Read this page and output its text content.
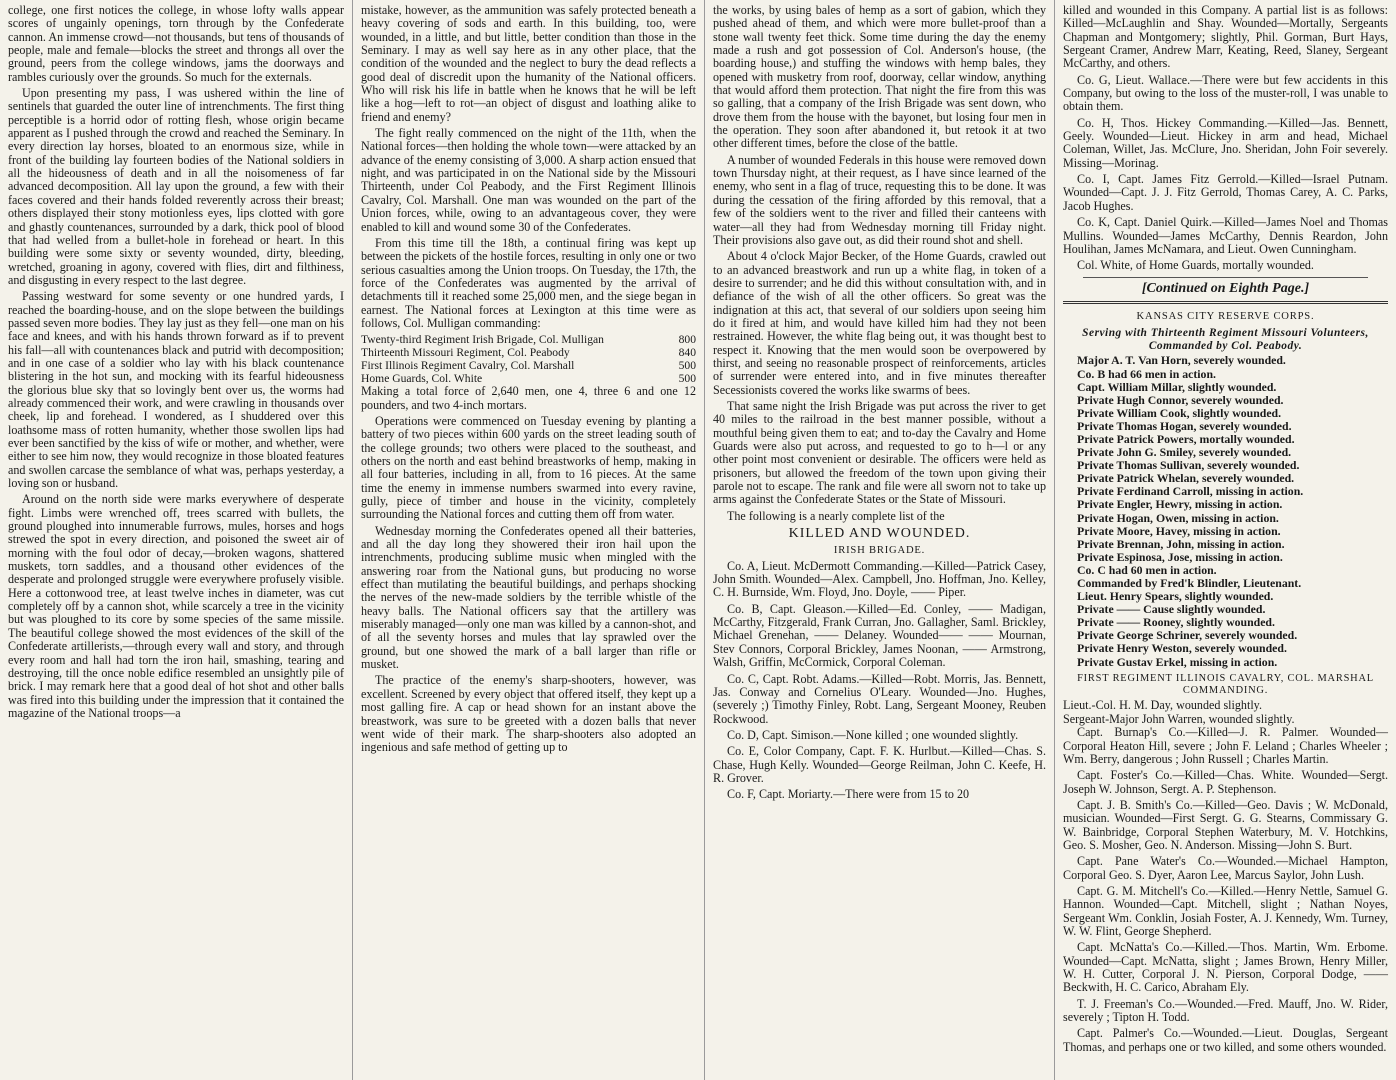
college, one first notices the college, in whose lofty walls appear scores of ungainly openings, torn through by the Confederate cannon. An immense crowd—not thousands, but tens of thousands of people, male and female—blocks the street and throngs all over the ground, peers from the college windows, jams the doorways and rambles curiously over the grounds. So much for the externals.

Upon presenting my pass, I was ushered within the line of sentinels that guarded the outer line of intrenchments. The first thing perceptible is a horrid odor of rotting flesh, whose origin became apparent as I pushed through the crowd and reached the Seminary. In every direction lay horses, bloated to an enormous size, while in front of the building lay fourteen bodies of the National soldiers in all the hideousness of death and in all the noisomeness of far advanced decomposition. All lay upon the ground, a few with their faces covered and their hands folded reverently across their breast; others displayed their stony motionless eyes, lips clotted with gore and ghastly countenances, surrounded by a dark, thick pool of blood that had welled from a bullet-hole in forehead or heart. In this building were some sixty or seventy wounded, dirty, bleeding, wretched, groaning in agony, covered with flies, dirt and filthiness, and disgusting in every respect to the last degree.

Passing westward for some seventy or one hundred yards, I reached the boarding-house, and on the slope between the buildings passed seven more bodies. They lay just as they fell—one man on his face and knees, and with his hands thrown forward as if to prevent his fall—all with countenances black and putrid with decomposition; and in one case of a soldier who lay with his black countenance blistering in the hot sun, and mocking with its fearful hideousness the glorious blue sky that so lovingly bent over us, the worms had already commenced their work, and were crawling in thousands over cheek, lip and forehead. I wondered, as I shuddered over this loathsome mass of rotten humanity, whether those swollen lips had ever been sanctified by the kiss of wife or mother, and whether, were either to see him now, they would recognize in those bloated features and swollen carcase the semblance of what was, perhaps yesterday, a loving son or husband.

Around on the north side were marks everywhere of desperate fight. Limbs were wrenched off, trees scarred with bullets, the ground ploughed into innumerable furrows, mules, horses and hogs strewed the spot in every direction, and poisoned the sweet air of morning with the foul odor of decay,—broken wagons, shattered muskets, torn saddles, and a thousand other evidences of the desperate and prolonged struggle were everywhere profusely visible. Here a cottonwood tree, at least twelve inches in diameter, was cut completely off by a cannon shot, while scarcely a tree in the vicinity but was ploughed to its core by some species of the same missile. The beautiful college showed the most evidences of the skill of the Confederate artillerists,—through every wall and story, and through every room and hall had torn the iron hail, smashing, tearing and destroying, till the once noble edifice resembled an unsightly pile of brick. I may remark here that a good deal of hot shot and other balls was fired into this building under the impression that it contained the magazine of the National troops—a

mistake, however, as the ammunition was safely protected beneath a heavy covering of sods and earth. In this building, too, were wounded, in a little, and but little, better condition than those in the Seminary. I may as well say here as in any other place, that the condition of the wounded and the neglect to bury the dead reflects a good deal of discredit upon the humanity of the National officers. Who will risk his life in battle when he knows that he will be left like a hog—left to rot—an object of disgust and loathing alike to friend and enemy?

The fight really commenced on the night of the 11th, when the National forces—then holding the whole town—were attacked by an advance of the enemy consisting of 3,000. A sharp action ensued that night, and was participated in on the National side by the Missouri Thirteenth, under Col Peabody, and the First Regiment Illinois Cavalry, Col. Marshall. One man was wounded on the part of the Union forces, while, owing to an advantageous cover, they were enabled to kill and wound some 30 of the Confederates.

From this time till the 18th, a continual firing was kept up between the pickets of the hostile forces, resulting in only one or two serious casualties among the Union troops. On Tuesday, the 17th, the force of the Confederates was augmented by the arrival of detachments till it reached some 25,000 men, and the siege began in earnest. The National forces at Lexington at this time were as follows, Col. Mulligan commanding:

Twenty-third Regiment Irish Brigade, Col. Mulligan	800
Thirteenth Missouri Regiment, Col. Peabody	840
First Illinois Regiment Cavalry, Col. Marshall	500
Home Guards, Col. White	500

Making a total force of 2,640 men, one 4, three 6 and one 12 pounders, and two 4-inch mortars.

Operations were commenced on Tuesday evening by planting a battery of two pieces within 600 yards on the street leading south of the college grounds; two others were placed to the southeast, and others on the north and east behind breastworks of hemp, making in all four batteries, including in all, from to 16 pieces. At the same time the enemy in immense numbers swarmed into every ravine, gully, piece of timber and house in the vicinity, completely surrounding the National forces and cutting them off from water.

Wednesday morning the Confederates opened all their batteries, and all the day long they showered their iron hail upon the intrenchments, producing sublime music when mingled with the answering roar from the National guns, but producing no worse effect than mutilating the beautiful buildings, and perhaps shocking the nerves of the new-made soldiers by the terrible whistle of the heavy balls. The National officers say that the artillery was miserably managed—only one man was killed by a cannon-shot, and of all the seventy horses and mules that lay sprawled over the ground, but one showed the mark of a ball larger than rifle or musket.

The practice of the enemy's sharp-shooters, however, was excellent. Screened by every object that offered itself, they kept up a most galling fire. A cap or head shown for an instant above the breastwork, was sure to be greeted with a dozen balls that never went wide of their mark. The sharp-shooters also adopted an ingenious and safe method of getting up to

the works, by using bales of hemp as a sort of gabion, which they pushed ahead of them, and which were more bullet-proof than a stone wall twenty feet thick. Some time during the day the enemy made a rush and got possession of Col. Anderson's house, (the boarding house,) and stuffing the windows with hemp bales, they opened with musketry from roof, doorway, cellar window, anything that would afford them protection. That night the fire from this was so galling, that a company of the Irish Brigade was sent down, who drove them from the house with the bayonet, but losing four men in the operation. They soon after abandoned it, but retook it at two other different times, before the close of the battle.

A number of wounded Federals in this house were removed down town Thursday night, at their request, as I have since learned of the enemy, who sent in a flag of truce, requesting this to be done. It was during the cessation of the firing afforded by this removal, that a few of the soldiers went to the river and filled their canteens with water—all they had from Wednesday morning till Friday night. Their provisions also gave out, as did their round shot and shell.

About 4 o'clock Major Becker, of the Home Guards, crawled out to an advanced breastwork and run up a white flag, in token of a desire to surrender; and he did this without consultation with, and in defiance of the wish of all the other officers. So great was the indignation at this act, that several of our soldiers upon seeing him do it fired at him, and would have killed him had they not been restrained. However, the white flag being out, it was thought best to respect it. Knowing that the men would soon be overpowered by thirst, and seeing no reasonable prospect of reinforcements, articles of surrender were entered into, and in five minutes thereafter Secessionists covered the works like swarms of bees.

That same night the Irish Brigade was put across the river to get 40 miles to the railroad in the best manner possible, without a mouthful being given them to eat; and to-day the Cavalry and Home Guards were also put across, and requested to go to h—l or any other point most convenient or desirable. The officers were held as prisoners, but allowed the freedom of the town upon giving their parole not to escape. The rank and file were all sworn not to take up arms against the Confederate States or the State of Missouri.

The following is a nearly complete list of the

KILLED AND WOUNDED.

IRISH BRIGADE.

Co. A, Lieut. McDermott Commanding.—Killed—Patrick Casey, John Smith. Wounded—Alex. Campbell, Jno. Hoffman, Jno. Kelley, C. H. Burnside, Wm. Floyd, Jno. Doyle, —— Piper.

Co. B, Capt. Gleason.—Killed—Ed. Conley, —— Madigan, McCarthy, Fitzgerald, Frank Curran, Jno. Gallagher, Saml. Brickley, Michael Grenehan, —— Delaney. Wounded—— —— Mournan, Stev Connors, Corporal Brickley, James Noonan, —— Armstrong, Walsh, Griffin, McCormick, Corporal Coleman.

Co. C, Capt. Robt. Adams.—Killed—Robt. Morris, Jas. Bennett, Jas. Conway and Cornelius O'Leary. Wounded—Jno. Hughes, (severely ;) Timothy Finley, Robt. Lang, Sergeant Mooney, Reuben Rockwood.

Co. D, Capt. Simison.—None killed ; one wounded slightly.

Co. E, Color Company, Capt. F. K. Hurlbut.—Killed—Chas. S. Chase, Hugh Kelly. Wounded—George Reilman, John C. Keefe, H. R. Grover.

Co. F, Capt. Moriarty.—There were from 15 to 20

killed and wounded in this Company. A partial list is as follows: Killed—McLaughlin and Shay. Wounded—Mortally, Sergeants Chapman and Montgomery; slightly, Phil. Gorman, Burt Hays, Sergeant Cramer, Andrew Marr, Keating, Reed, Slaney, Sergeant McCarthy, and others.

Co. G, Lieut. Wallace.—There were but few accidents in this Company, but owing to the loss of the muster-roll, I was unable to obtain them.

Co. H, Thos. Hickey Commanding.—Killed—Jas. Bennett, Geely. Wounded—Lieut. Hickey in arm and head, Michael Coleman, Willet, Jas. McClure, Jno. Sheridan, John Foir severely. Missing—Morinag.

Co. I, Capt. James Fitz Gerrold.—Killed—Israel Putnam. Wounded—Capt. J. J. Fitz Gerrold, Thomas Carey, A. C. Parks, Jacob Hughes.

Co. K, Capt. Daniel Quirk.—Killed—James Noel and Thomas Mullins. Wounded—James McCarthy, Dennis Reardon, John Houlihan, James McNamara, and Lieut. Owen Cunningham.

Col. White, of Home Guards, mortally wounded.

[Continued on Eighth Page.]

KANSAS CITY RESERVE CORPS.

Serving with Thirteenth Regiment Missouri Volunteers, Commanded by Col. Peabody.

Major A. T. Van Horn, severely wounded.

Co. B had 66 men in action.

Capt. William Millar, slightly wounded.

Private Hugh Connor, severely wounded.

Private William Cook, slightly wounded.

Private Thomas Hogan, severely wounded.

Private Patrick Powers, mortally wounded.

Private John G. Smiley, severely wounded.

Private Thomas Sullivan, severely wounded.

Private Patrick Whelan, severely wounded.

Private Ferdinand Carroll, missing in action.

Private Engler, Hewry, missing in action.

Private Hogan, Owen, missing in action.

Private Moore, Havey, missing in action.

Private Brennan, John, missing in action.

Private Espinosa, Jose, missing in action.

Co. C had 60 men in action.

Commanded by Fred'k Blindler, Lieutenant.

Lieut. Henry Spears, slightly wounded.

Private —— Cause slightly wounded.

Private —— Rooney, slightly wounded.

Private George Schriner, severely wounded.

Private Henry Weston, severely wounded.

Private Gustav Erkel, missing in action.

FIRST REGIMENT ILLINOIS CAVALRY, COL. MARSHAL COMMANDING.

Lieut.-Col. H. M. Day, wounded slightly.

Sergeant-Major John Warren, wounded slightly.

Capt. Burnap's Co.—Killed—J. R. Palmer. Wounded—Corporal Heaton Hill, severe ; John F. Leland ; Charles Wheeler ; Wm. Berry, dangerous ; John Russell ; Charles Martin.

Capt. Foster's Co.—Killed—Chas. White. Wounded—Sergt. Joseph W. Johnson, Sergt. A. P. Stephenson.

Capt. J. B. Smith's Co.—Killed—Geo. Davis ; W. McDonald, musician. Wounded—First Sergt. G. G. Stearns, Commissary G. W. Bainbridge, Corporal Stephen Waterbury, M. V. Hotchkins, Geo. S. Mosher, Geo. N. Anderson. Missing—John S. Burt.

Capt. Pane Water's Co.—Wounded.—Michael Hampton, Corporal Geo. S. Dyer, Aaron Lee, Marcus Saylor, John Lush.

Capt. G. M. Mitchell's Co.—Killed.—Henry Nettle, Samuel G. Hannon. Wounded—Capt. Mitchell, slight ; Nathan Noyes, Sergeant Wm. Conklin, Josiah Foster, A. J. Kennedy, Wm. Turney, W. W. Flint, George Shepherd.

Capt. McNatta's Co.—Killed.—Thos. Martin, Wm. Erbome. Wounded—Capt. McNatta, slight ; James Brown, Henry Miller, W. H. Cutter, Corporal J. N. Pierson, Corporal Dodge, —— Beckwith, H. C. Carico, Abraham Ely.

T. J. Freeman's Co.—Wounded.—Fred. Mauff, Jno. W. Rider, severely ; Tipton H. Todd.

Capt. Palmer's Co.—Wounded.—Lieut. Douglas, Sergeant Thomas, and perhaps one or two killed, and some others wounded.
